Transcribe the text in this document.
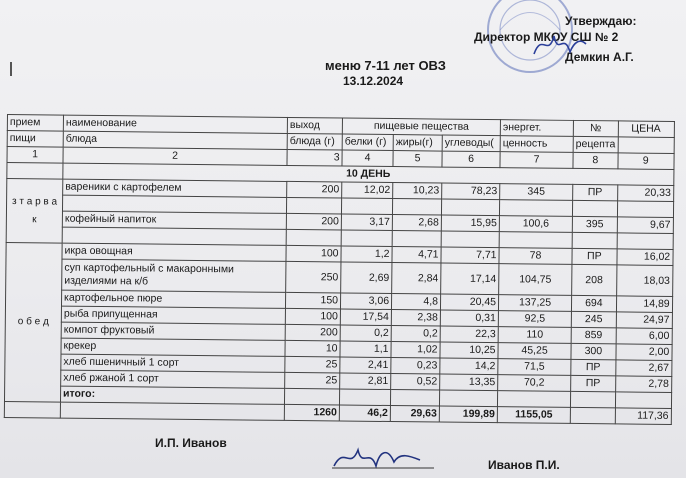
Утверждаю:
Директор МКОУ СШ № 2
Демкин А.Г.
меню 7-11 лет ОВЗ
13.12.2024
прием	наименование	выход	пищевые пещества			энергет.	№	ЦЕНА
пищи	блюда	блюда (г)	белки (г)	жиры(г)	углеводы(	ценность	рецепта	
1	2	3	4	5	6	7	8	9
	10 ДЕНЬ							
з т а р в а к	вареники с картофелем	200	12,02	10,23	78,23	345	ПР	20,33

	кофейный напиток	200	3,17	2,68	15,95	100,6	395	9,67

о б е д	икра овощная	100	1,2	4,71	7,71	78	ПР	16,02
	суп картофельный с макаронными изделиями на к/б	250	2,69	2,84	17,14	104,75	208	18,03
	картофельное пюре	150	3,06	4,8	20,45	137,25	694	14,89
	рыба припущенная	100	17,54	2,38	0,31	92,5	245	24,97
	компот фруктовый	200	0,2	0,2	22,3	110	859	6,00
	крекер	10	1,1	1,02	10,25	45,25	300	2,00
	хлеб пшеничный 1 сорт	25	2,41	0,23	14,2	71,5	ПР	2,67
	хлеб ржаной 1 сорт	25	2,81	0,52	13,35	70,2	ПР	2,78
	итого:							
		1260	46,2	29,63	199,89	1155,05		117,36
И.П. Иванов
Иванов П.И.
